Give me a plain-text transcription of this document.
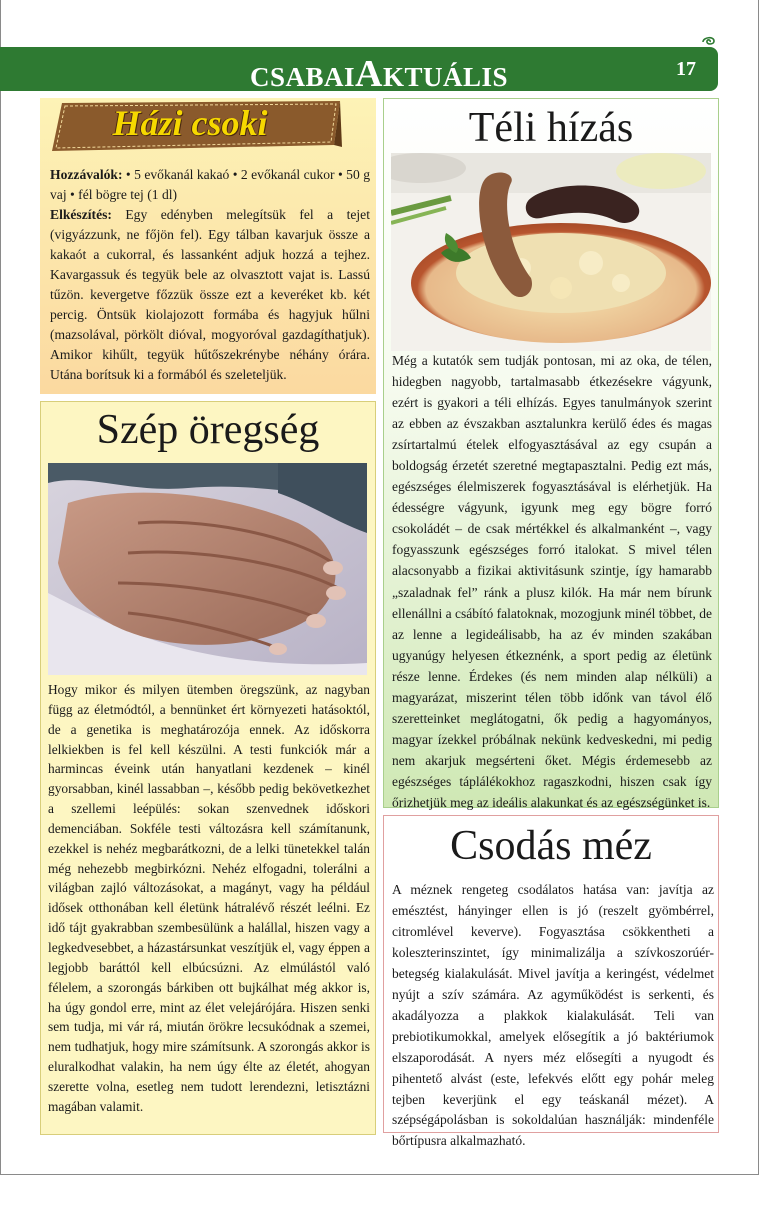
CSABAIAKTUÁLIS	17
Házi csoki
Hozzávalók: • 5 evőkanál kakaó • 2 evőkanál cukor • 50 g vaj • fél bögre tej (1 dl)
Elkészítés: Egy edényben melegítsük fel a tejet (vigyázzunk, ne főjön fel). Egy tálban kavarjuk össze a kakaót a cukorral, és lassanként adjuk hozzá a tejhez. Kavargassuk és tegyük bele az olvasztott vajat is. Lassú tűzön. kevergetve főzzük össze ezt a keveréket kb. két percig. Öntsük kiolajozott formába és hagyjuk hűlni (mazsolával, pörkölt dióval, mogyoróval gazdagíthatjuk). Amikor kihűlt, tegyük hűtőszekrénybe néhány órára. Utána borítsuk ki a formából és szeleteljük.
Szép öregség
Hogy mikor és milyen ütemben öregszünk, az nagyban függ az életmódtól, a bennünket ért környezeti hatásoktól, de a genetika is meghatározója ennek. Az időskorra lelkiekben is fel kell készülni. A testi funkciók már a harmincas éveink után hanyatlani kezdenek – kinél gyorsabban, kinél lassabban –, később pedig bekövetkezhet a szellemi leépülés: sokan szenvednek időskori demenciában. Sokféle testi változásra kell számítanunk, ezekkel is nehéz megbarátkozni, de a lelki tünetekkel talán még nehezebb megbirkózni. Nehéz elfogadni, tolerálni a világban zajló változásokat, a magányt, vagy ha például idősek otthonában kell életünk hátralévő részét leélni. Ez idő tájt gyakrabban szembesülünk a halállal, hiszen vagy a legkedvesebbet, a házastársunkat veszítjük el, vagy éppen a legjobb baráttól kell elbúcsúzni. Az elmúlástól való félelem, a szorongás bárkiben ott bujkálhat még akkor is, ha úgy gondol erre, mint az élet velejárójára. Hiszen senki sem tudja, mi vár rá, miután örökre lecsukódnak a szemei, nem tudhatjuk, hogy mire számítsunk. A szorongás akkor is eluralkodhat valakin, ha nem úgy élte az életét, ahogyan szerette volna, esetleg nem tudott lerendezni, letisztázni magában valamit.
Téli hízás
Még a kutatók sem tudják pontosan, mi az oka, de télen, hidegben nagyobb, tartalmasabb étkezésekre vágyunk, ezért is gyakori a téli elhízás. Egyes tanulmányok szerint az ebben az évszakban asztalunkra kerülő édes és magas zsírtartalmú ételek elfogyasztásával az egy csupán a boldogság érzetét szeretné megtapasztalni. Pedig ezt más, egészséges élelmiszerek fogyasztásával is elérhetjük. Ha édességre vágyunk, igyunk meg egy bögre forró csokoládét – de csak mértékkel és alkalmanként –, vagy fogyasszunk egészséges forró italokat. S mivel télen alacsonyabb a fizikai aktivitásunk szintje, így hamarabb „szaladnak fel” ránk a plusz kilók. Ha már nem bírunk ellenállni a csábító falatoknak, mozogjunk minél többet, de az lenne a legideálisabb, ha az év minden szakában ugyanúgy helyesen étkeznénk, a sport pedig az életünk része lenne. Érdekes (és nem minden alap nélküli) a magyarázat, miszerint télen több időnk van távol élő szeretteinket meglátogatni, ők pedig a hagyományos, magyar ízekkel próbálnak nekünk kedveskedni, mi pedig nem akarjuk megsérteni őket. Mégis érdemesebb az egészséges táplálékokhoz ragaszkodni, hiszen csak így őrizhetjük meg az ideális alakunkat és az egészségünket is.
Csodás méz
A méznek rengeteg csodálatos hatása van: javítja az emésztést, hányinger ellen is jó (reszelt gyömbérrel, citromlével keverve). Fogyasztása csökkentheti a koleszterinszintet, így minimalizálja a szívkoszorúér-betegség kialakulását. Mivel javítja a keringést, védelmet nyújt a szív számára. Az agyműködést is serkenti, és akadályozza a plakkok kialakulását. Teli van prebiotikumokkal, amelyek elősegítik a jó baktériumok elszaporodását. A nyers méz elősegíti a nyugodt és pihentető alvást (este, lefekvés előtt egy pohár meleg tejben keverjünk el egy teáskanál mézet). A szépségápolásban is sokoldalúan használják: mindenféle bőrtípusra alkalmazható.
